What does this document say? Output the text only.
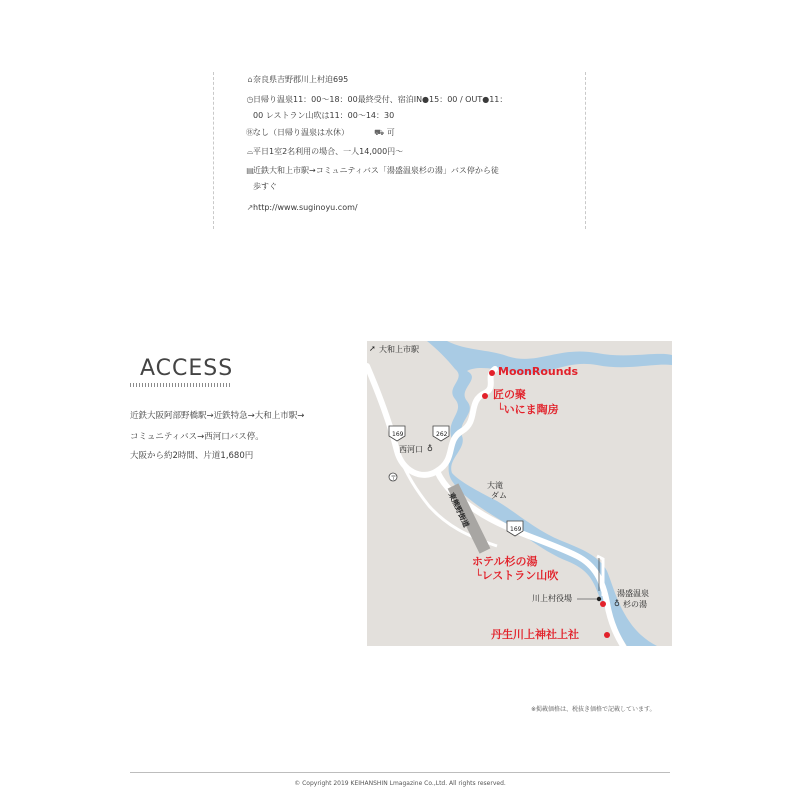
⌂ 奈良県吉野郡川上村迫695
◷ 日帰り温泉11：00〜18：00最終受付、宿泊IN●15：00 / OUT●11：
00 レストラン山吹は11：00〜14：30
㊡ なし（日帰り温泉は水休）	⛟ 可
⌓ 平日1室2名利用の場合、一人14,000円〜
▤ 近鉄大和上市駅→コミュニティバス「湯盛温泉杉の湯」バス停から徒
歩すぐ
↗ http://www.suginoyu.com/
ACCESS
近鉄大阪阿部野橋駅→近鉄特急→大和上市駅→
コミュニティバス→西河口バス停。
大阪から約2時間、片道1,680円
〒
➚ 大和上市駅
MoonRounds
匠の聚
└いにま陶房
169	262
169
西河口 ♁
大滝
ダム
東熊野街道
ホテル杉の湯
└レストラン山吹
川上村役場
湯盛温泉
♁ 杉の湯
丹生川上神社上社
※掲載価格は、税抜き価格で記載しています。
© Copyright 2019 KEIHANSHIN Lmagazine Co.,Ltd. All rights reserved.
